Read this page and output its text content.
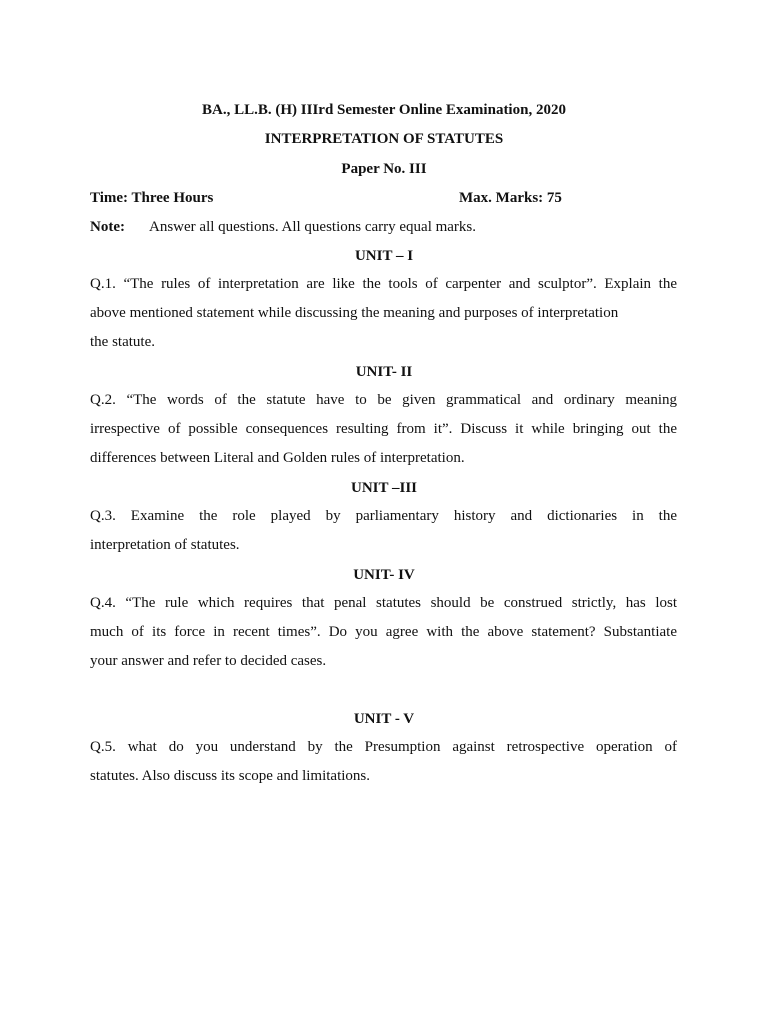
BA., LL.B. (H) IIIrd Semester Online Examination, 2020
INTERPRETATION OF STATUTES
Paper No. III
Time: Three Hours	Max. Marks: 75
Note: Answer all questions. All questions carry equal marks.
UNIT – I
Q.1. “The rules of interpretation are like the tools of carpenter and sculptor”. Explain the
above mentioned statement while discussing the meaning and purposes of interpretation
the statute.
UNIT- II
Q.2. “The words of the statute have to be given grammatical and ordinary meaning
irrespective of possible consequences resulting from it”. Discuss it while bringing out the
differences between Literal and Golden rules of interpretation.
UNIT –III
Q.3. Examine the role played by parliamentary history and dictionaries in the
interpretation of statutes.
UNIT- IV
Q.4. “The rule which requires that penal statutes should be construed strictly, has lost
much of its force in recent times”. Do you agree with the above statement? Substantiate
your answer and refer to decided cases.
UNIT - V
Q.5. what do you understand by the Presumption against retrospective operation of
statutes. Also discuss its scope and limitations.
